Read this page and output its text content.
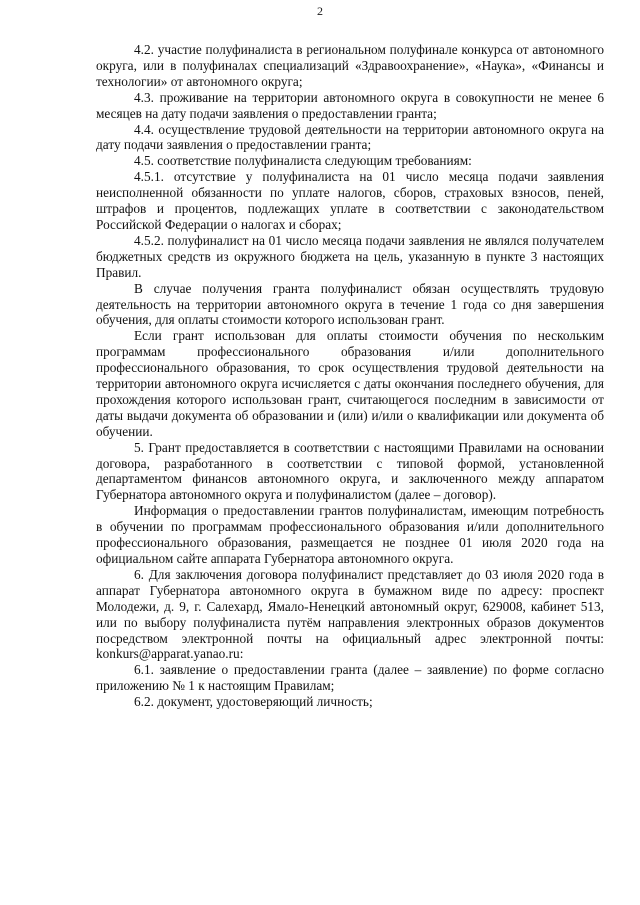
2

4.2. участие полуфиналиста в региональном полуфинале конкурса от автономного округа, или в полуфиналах специализаций «Здравоохранение», «Наука», «Финансы и технологии» от автономного округа;

4.3. проживание на территории автономного округа в совокупности не менее 6 месяцев на дату подачи заявления о предоставлении гранта;

4.4. осуществление трудовой деятельности на территории автономного округа на дату подачи заявления о предоставлении гранта;

4.5. соответствие полуфиналиста следующим требованиям:

4.5.1. отсутствие у полуфиналиста на 01 число месяца подачи заявления неисполненной обязанности по уплате налогов, сборов, страховых взносов, пеней, штрафов и процентов, подлежащих уплате в соответствии с законодательством Российской Федерации о налогах и сборах;

4.5.2. полуфиналист на 01 число месяца подачи заявления не являлся получателем бюджетных средств из окружного бюджета на цель, указанную в пункте 3 настоящих Правил.

В случае получения гранта полуфиналист обязан осуществлять трудовую деятельность на территории автономного округа в течение 1 года со дня завершения обучения, для оплаты стоимости которого использован грант.

Если грант использован для оплаты стоимости обучения по нескольким программам профессионального образования и/или дополнительного профессионального образования, то срок осуществления трудовой деятельности на территории автономного округа исчисляется с даты окончания последнего обучения, для прохождения которого использован грант, считающегося последним в зависимости от даты выдачи документа об образовании и (или) и/или о квалификации или документа об обучении.

5. Грант предоставляется в соответствии с настоящими Правилами на основании договора, разработанного в соответствии с типовой формой, установленной департаментом финансов автономного округа, и заключенного между аппаратом Губернатора автономного округа и полуфиналистом (далее – договор).

Информация о предоставлении грантов полуфиналистам, имеющим потребность в обучении по программам профессионального образования и/или дополнительного профессионального образования, размещается не позднее 01 июля 2020 года на официальном сайте аппарата Губернатора автономного округа.

6. Для заключения договора полуфиналист представляет до 03 июля 2020 года в аппарат Губернатора автономного округа в бумажном виде по адресу: проспект Молодежи, д. 9, г. Салехард, Ямало-Ненецкий автономный округ, 629008, кабинет 513, или по выбору полуфиналиста путём направления электронных образов документов посредством электронной почты на официальный адрес электронной почты: konkurs@apparat.yanao.ru:

6.1. заявление о предоставлении гранта (далее – заявление) по форме согласно приложению № 1 к настоящим Правилам;

6.2. документ, удостоверяющий личность;
